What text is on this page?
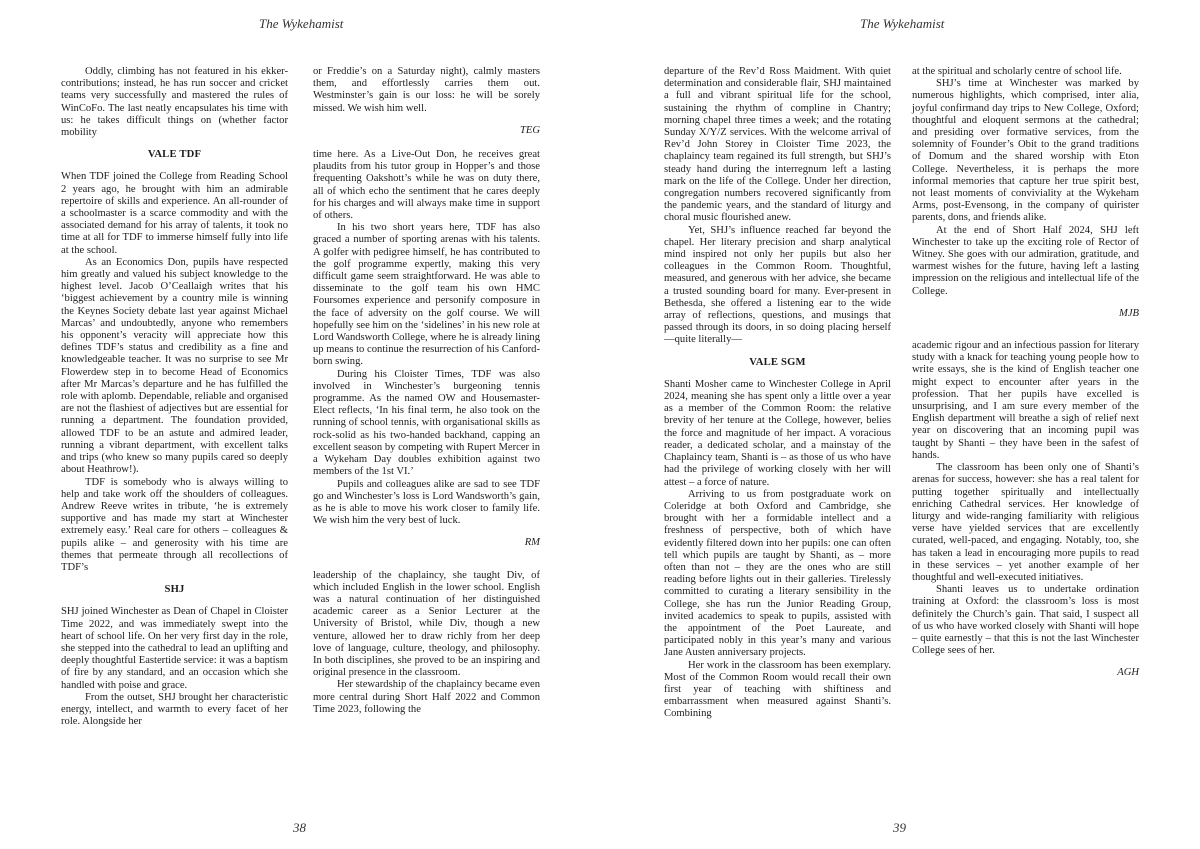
The Wykehamist	The Wykehamist

Oddly, climbing has not featured in his ekker-contributions; instead, he has run soccer and cricket teams very successfully and mastered the rules of WinCoFo. The last neatly encapsulates his time with us: he takes difficult things on (whether factor mobility

VALE TDF

When TDF joined the College from Reading School 2 years ago, he brought with him an admirable repertoire of skills and experience. An all-rounder of a schoolmaster is a scarce commodity and with the associated demand for his array of talents, it took no time at all for TDF to immerse himself fully into life at the school.

As an Economics Don, pupils have respected him greatly and valued his subject knowledge to the highest level. Jacob O’Ceallaigh writes that his ‘biggest achievement by a country mile is winning the Keynes Society debate last year against Michael Marcas’ and undoubtedly, anyone who remembers his opponent’s veracity will appreciate how this defines TDF’s status and credibility as a fine and knowledgeable teacher. It was no surprise to see Mr Flowerdew step in to become Head of Economics after Mr Marcas’s departure and he has fulfilled the role with aplomb. Dependable, reliable and organised are not the flashiest of adjectives but are essential for running a department. The foundation provided, allowed TDF to be an astute and admired leader, running a vibrant department, with excellent talks and trips (who knew so many pupils cared so deeply about Heathrow!).

TDF is somebody who is always willing to help and take work off the shoulders of colleagues. Andrew Reeve writes in tribute, ‘he is extremely supportive and has made my start at Winchester extremely easy.’ Real care for others – colleagues & pupils alike – and generosity with his time are themes that permeate through all recollections of TDF’s

SHJ

SHJ joined Winchester as Dean of Chapel in Cloister Time 2022, and was immediately swept into the heart of school life. On her very first day in the role, she stepped into the cathedral to lead an uplifting and deeply thoughtful Eastertide service: it was a baptism of fire by any standard, and an occasion which she handled with poise and grace.

From the outset, SHJ brought her characteristic energy, intellect, and warmth to every facet of her role. Alongside her

or Freddie’s on a Saturday night), calmly masters them, and effortlessly carries them out. Westminster’s gain is our loss: he will be sorely missed. We wish him well.

TEG

time here. As a Live-Out Don, he receives great plaudits from his tutor group in Hopper’s and those frequenting Oakshott’s while he was on duty there, all of which echo the sentiment that he cares deeply for his charges and will always make time in support of others.

In his two short years here, TDF has also graced a number of sporting arenas with his talents. A golfer with pedigree himself, he has contributed to the golf programme expertly, making this very difficult game seem straightforward. He was able to disseminate to the golf team his own HMC Foursomes experience and personify composure in the face of adversity on the golf course. We will hopefully see him on the ‘sidelines’ in his new role at Lord Wandsworth College, where he is already lining up means to continue the resurrection of his Canford-born swing.

During his Cloister Times, TDF was also involved in Winchester’s burgeoning tennis programme. As the named OW and Housemaster-Elect reflects, ‘In his final term, he also took on the running of school tennis, with organisational skills as rock-solid as his two-handed backhand, capping an excellent season by competing with Rupert Mercer in a Wykeham Day doubles exhibition against two members of the 1st VI.’

Pupils and colleagues alike are sad to see TDF go and Winchester’s loss is Lord Wandsworth’s gain, as he is able to move his work closer to family life. We wish him the very best of luck.

RM

leadership of the chaplaincy, she taught Div, of which included English in the lower school. English was a natural continuation of her distinguished academic career as a Senior Lecturer at the University of Bristol, while Div, though a new venture, allowed her to draw richly from her deep love of language, culture, theology, and philosophy. In both disciplines, she proved to be an inspiring and original presence in the classroom.

Her stewardship of the chaplaincy became even more central during Short Half 2022 and Common Time 2023, following the

departure of the Rev’d Ross Maidment. With quiet determination and considerable flair, SHJ maintained a full and vibrant spiritual life for the school, sustaining the rhythm of compline in Chantry; morning chapel three times a week; and the rotating Sunday X/Y/Z services. With the welcome arrival of Rev’d John Storey in Cloister Time 2023, the chaplaincy team regained its full strength, but SHJ’s steady hand during the interregnum left a lasting mark on the life of the College. Under her direction, congregation numbers recovered significantly from the pandemic years, and the standard of liturgy and choral music flourished anew.

Yet, SHJ’s influence reached far beyond the chapel. Her literary precision and sharp analytical mind inspired not only her pupils but also her colleagues in the Common Room. Thoughtful, measured, and generous with her advice, she became a trusted sounding board for many. Ever-present in Bethesda, she offered a listening ear to the wide array of reflections, questions, and musings that passed through its doors, in so doing placing herself—quite literally—

VALE SGM

Shanti Mosher came to Winchester College in April 2024, meaning she has spent only a little over a year as a member of the Common Room: the relative brevity of her tenure at the College, however, belies the force and magnitude of her impact. A voracious reader, a dedicated scholar, and a mainstay of the Chaplaincy team, Shanti is – as those of us who have had the privilege of working closely with her will attest – a force of nature.

Arriving to us from postgraduate work on Coleridge at both Oxford and Cambridge, she brought with her a formidable intellect and a freshness of perspective, both of which have evidently filtered down into her pupils: one can often tell which pupils are taught by Shanti, as – more often than not – they are the ones who are still reading before lights out in their galleries. Tirelessly committed to curating a literary sensibility in the College, she has run the Junior Reading Group, invited academics to speak to pupils, assisted with the appointment of the Poet Laureate, and participated nobly in this year’s many and various Jane Austen anniversary projects.

Her work in the classroom has been exemplary. Most of the Common Room would recall their own first year of teaching with shiftiness and embarrassment when measured against Shanti’s. Combining

at the spiritual and scholarly centre of school life.

SHJ’s time at Winchester was marked by numerous highlights, which comprised, inter alia, joyful confirmand day trips to New College, Oxford; thoughtful and eloquent sermons at the cathedral; and presiding over formative services, from the solemnity of Founder’s Obit to the grand traditions of Domum and the shared worship with Eton College. Nevertheless, it is perhaps the more informal memories that capture her true spirit best, not least moments of conviviality at the Wykeham Arms, post-Evensong, in the company of quirister parents, dons, and friends alike.

At the end of Short Half 2024, SHJ left Winchester to take up the exciting role of Rector of Witney. She goes with our admiration, gratitude, and warmest wishes for the future, having left a lasting impression on the religious and intellectual life of the College.

MJB

academic rigour and an infectious passion for literary study with a knack for teaching young people how to write essays, she is the kind of English teacher one might expect to encounter after years in the profession. That her pupils have excelled is unsurprising, and I am sure every member of the English department will breathe a sigh of relief next year on discovering that an incoming pupil was taught by Shanti – they have been in the safest of hands.

The classroom has been only one of Shanti’s arenas for success, however: she has a real talent for putting together spiritually and intellectually enriching Cathedral services. Her knowledge of liturgy and wide-ranging familiarity with religious verse have yielded services that are excellently curated, well-paced, and engaging. Notably, too, she has taken a lead in encouraging more pupils to read in these services – yet another example of her thoughtful and well-executed initiatives.

Shanti leaves us to undertake ordination training at Oxford: the classroom’s loss is most definitely the Church’s gain. That said, I suspect all of us who have worked closely with Shanti will hope – quite earnestly – that this is not the last Winchester College sees of her.

AGH

38	39
